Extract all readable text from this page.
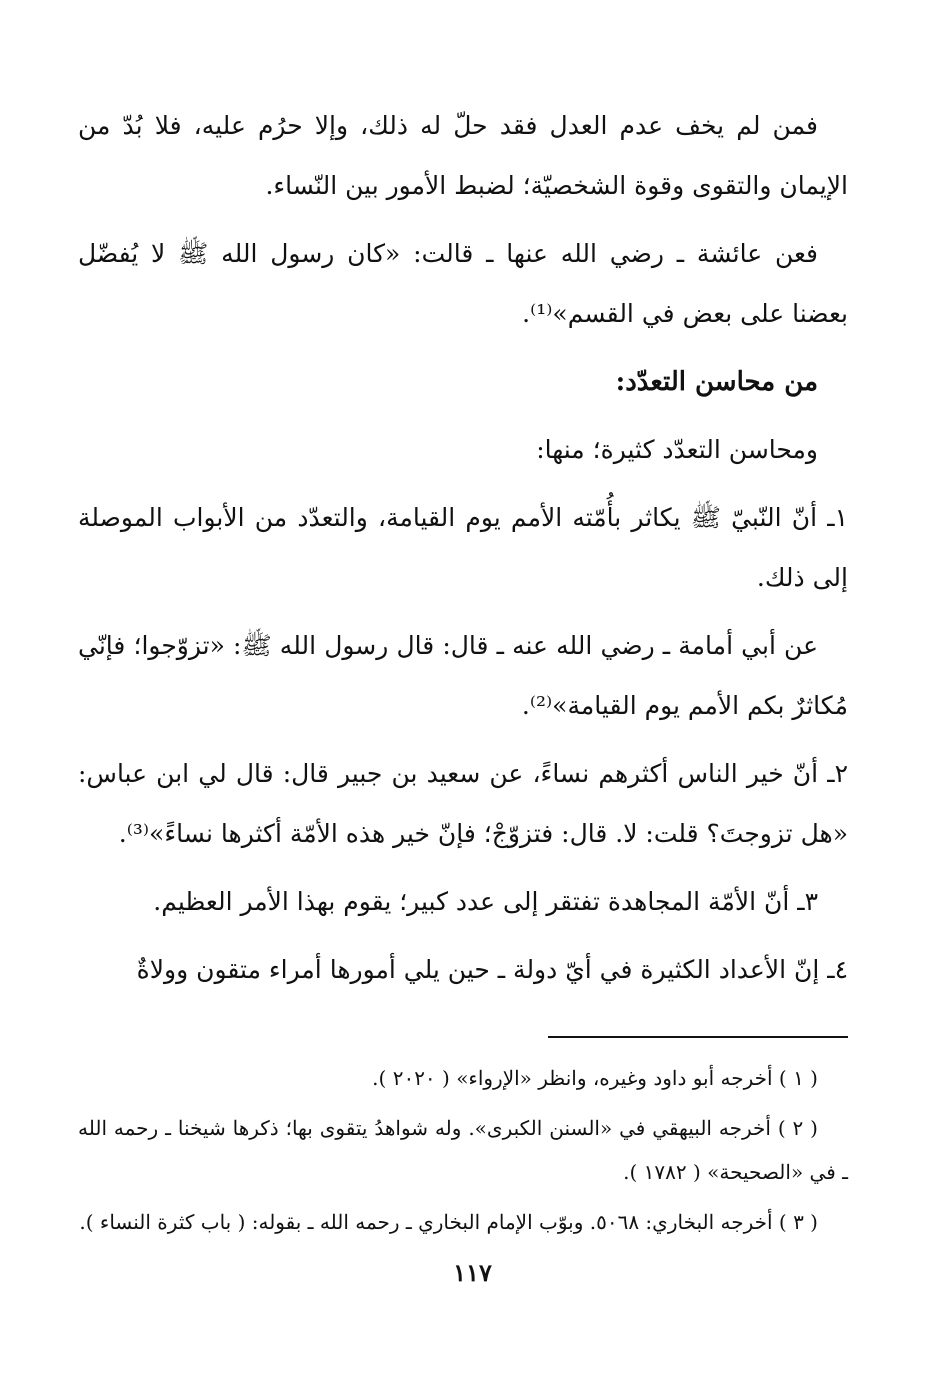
فمن لم يخف عدم العدل فقد حلّ له ذلك، وإلا حرُم عليه، فلا بُدّ من الإيمان والتقوى وقوة الشخصيّة؛ لضبط الأمور بين النّساء.

فعن عائشة ـ رضي الله عنها ـ قالت: «كان رسول الله ﷺ لا يُفضّل بعضنا على بعض في القسم»⁽¹⁾.

من محاسن التعدّد:

ومحاسن التعدّد كثيرة؛ منها:

١ـ أنّ النّبيّ ﷺ يكاثر بأُمّته الأمم يوم القيامة، والتعدّد من الأبواب الموصلة إلى ذلك.

عن أبي أمامة ـ رضي الله عنه ـ قال: قال رسول الله ﷺ: «تزوّجوا؛ فإنّي مُكاثرٌ بكم الأمم يوم القيامة»⁽²⁾.

٢ـ أنّ خير الناس أكثرهم نساءً، عن سعيد بن جبير قال: قال لي ابن عباس: «هل تزوجتَ؟ قلت: لا. قال: فتزوّجْ؛ فإنّ خير هذه الأمّة أكثرها نساءً»⁽³⁾.

٣ـ أنّ الأمّة المجاهدة تفتقر إلى عدد كبير؛ يقوم بهذا الأمر العظيم.

٤ـ إنّ الأعداد الكثيرة في أيّ دولة ـ حين يلي أمورها أمراء متقون وولاةٌ

( ١ ) أخرجه أبو داود وغيره، وانظر «الإرواء» ( ٢٠٢٠ ).

( ٢ ) أخرجه البيهقي في «السنن الكبرى». وله شواهدُ يتقوى بها؛ ذكرها شيخنا ـ رحمه الله ـ في «الصحيحة» ( ١٧٨٢ ).

( ٣ ) أخرجه البخاري: ٥٠٦٨. وبوّب الإمام البخاري ـ رحمه الله ـ بقوله: ( باب كثرة النساء ).

١١٧
